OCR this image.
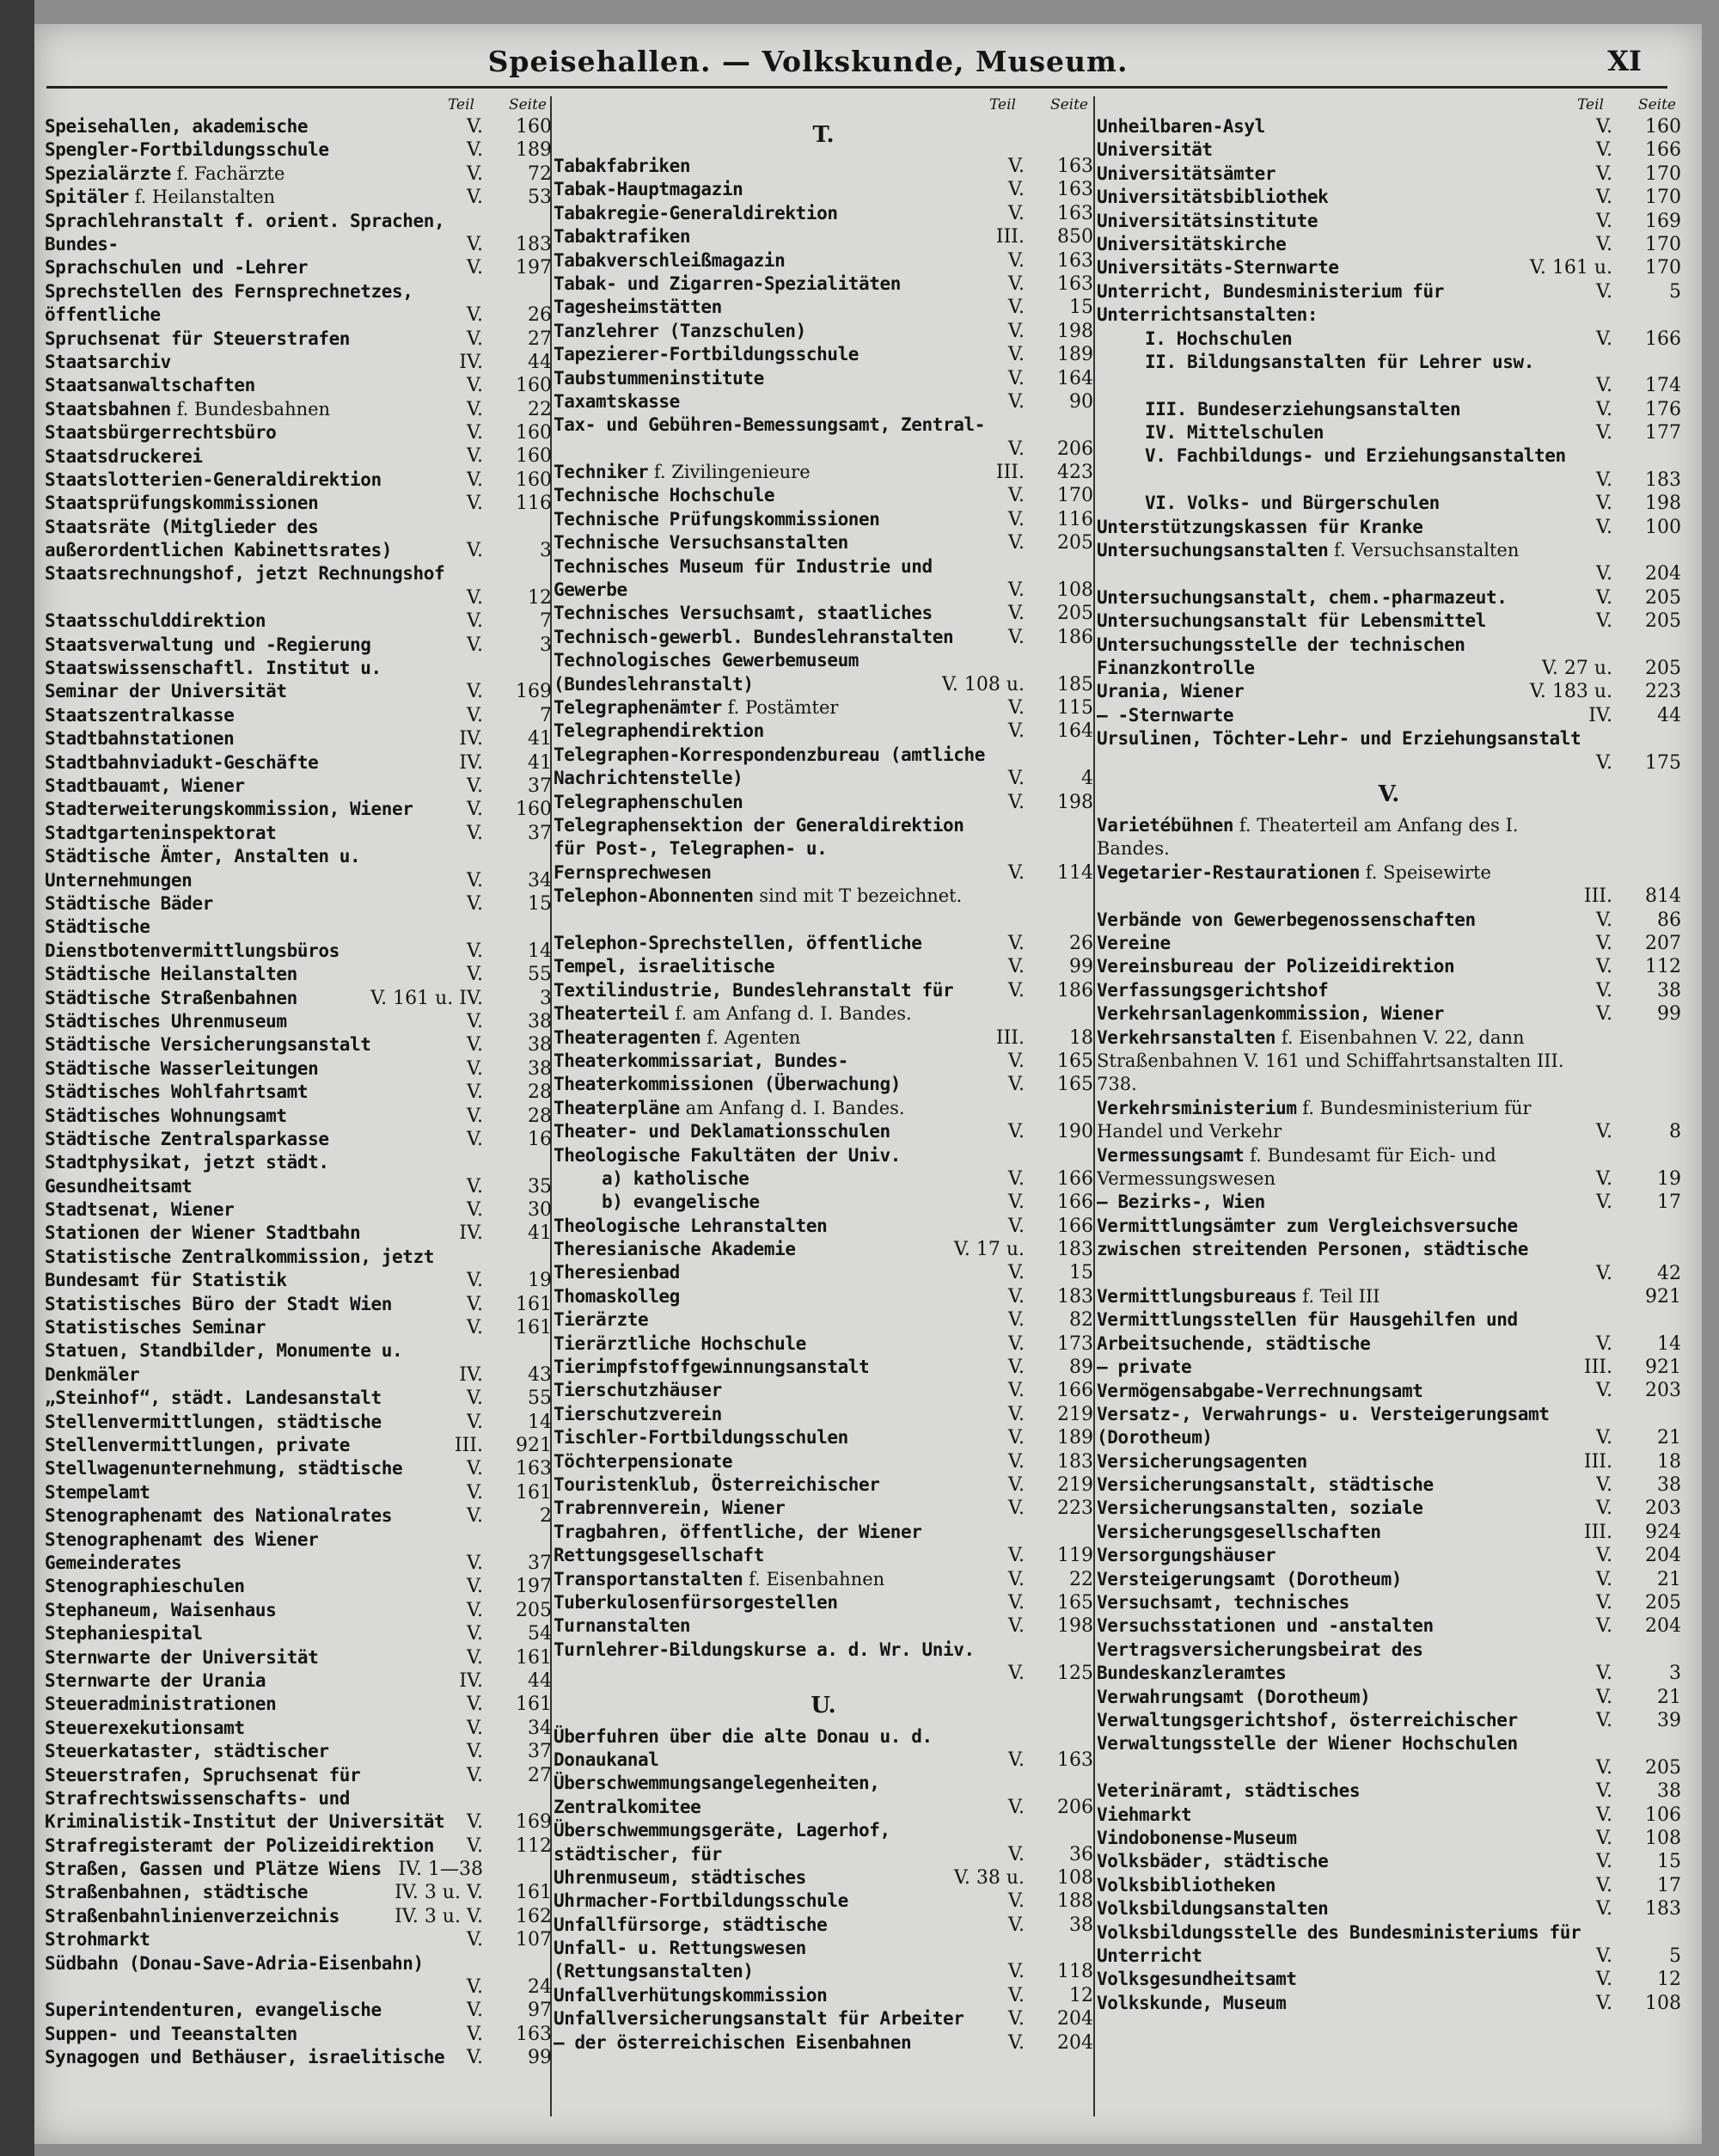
Speisehallen. — Volkskunde, Museum.	XI
Teil Seite
Speisehallen, akademische	V.	160
Spengler-Fortbildungsschule	V.	189
Spezialärzte f. Fachärzte	V.	72
Spitäler f. Heilanstalten	V.	53
Sprachlehranstalt f. orient. Sprachen, Bundes-	V.	183
Sprachschulen und -Lehrer	V.	197
Sprechstellen des Fernsprechnetzes, öffentliche	V.	26
Spruchsenat für Steuerstrafen	V.	27
Staatsarchiv	IV.	44
Staatsanwaltschaften	V.	160
Staatsbahnen f. Bundesbahnen	V.	22
Staatsbürgerrechtsbüro	V.	160
Staatsdruckerei	V.	160
Staatslotterien-Generaldirektion	V.	160
Staatsprüfungskommissionen	V.	116
Staatsräte (Mitglieder des außerordentlichen Kabinettsrates)	V.	3
Staatsrechnungshof, jetzt Rechnungshof
V.	12
Staatsschulddirektion	V.	7
Staatsverwaltung und -Regierung	V.	3
Staatswissenschaftl. Institut u. Seminar der Universität	V.	169
Staatszentralkasse	V.	7
Stadtbahnstationen	IV.	41
Stadtbahnviadukt-Geschäfte	IV.	41
Stadtbauamt, Wiener	V.	37
Stadterweiterungskommission, Wiener	V.	160
Stadtgarteninspektorat	V.	37
Städtische Ämter, Anstalten u. Unternehmungen	V.	34
Städtische Bäder	V.	15
Städtische Dienstbotenvermittlungsbüros	V.	14
Städtische Heilanstalten	V.	55
Städtische Straßenbahnen	V. 161 u. IV.	3
Städtisches Uhrenmuseum	V.	38
Städtische Versicherungsanstalt	V.	38
Städtische Wasserleitungen	V.	38
Städtisches Wohlfahrtsamt	V.	28
Städtisches Wohnungsamt	V.	28
Städtische Zentralsparkasse	V.	16
Stadtphysikat, jetzt städt. Gesundheitsamt	V.	35
Stadtsenat, Wiener	V.	30
Stationen der Wiener Stadtbahn	IV.	41
Statistische Zentralkommission, jetzt Bundesamt für Statistik	V.	19
Statistisches Büro der Stadt Wien	V.	161
Statistisches Seminar	V.	161
Statuen, Standbilder, Monumente u. Denkmäler	IV.	43
„Steinhof“, städt. Landesanstalt	V.	55
Stellenvermittlungen, städtische	V.	14
Stellenvermittlungen, private	III.	921
Stellwagenunternehmung, städtische	V.	163
Stempelamt	V.	161
Stenographenamt des Nationalrates	V.	2
Stenographenamt des Wiener Gemeinderates	V.	37
Stenographieschulen	V.	197
Stephaneum, Waisenhaus	V.	205
Stephaniespital	V.	54
Sternwarte der Universität	V.	161
Sternwarte der Urania	IV.	44
Steueradministrationen	V.	161
Steuerexekutionsamt	V.	34
Steuerkataster, städtischer	V.	37
Steuerstrafen, Spruchsenat für	V.	27
Strafrechtswissenschafts- und Kriminalistik-Institut der Universität	V.	169
Strafregisteramt der Polizeidirektion	V.	112
Straßen, Gassen und Plätze Wiens IV. 1—38
Straßenbahnen, städtische	IV. 3 u. V.	161
Straßenbahnlinienverzeichnis	IV. 3 u. V.	162
Strohmarkt	V.	107
Südbahn (Donau-Save-Adria-Eisenbahn)
V.	24
Superintendenturen, evangelische	V.	97
Suppen- und Teeanstalten	V.	163
Synagogen und Bethäuser, israelitische	V.	99
Teil Seite
T.
Tabakfabriken	V.	163
Tabak-Hauptmagazin	V.	163
Tabakregie-Generaldirektion	V.	163
Tabaktrafiken	III.	850
Tabakverschleißmagazin	V.	163
Tabak- und Zigarren-Spezialitäten	V.	163
Tagesheimstätten	V.	15
Tanzlehrer (Tanzschulen)	V.	198
Tapezierer-Fortbildungsschule	V.	189
Taubstummeninstitute	V.	164
Taxamtskasse	V.	90
Tax- und Gebühren-Bemessungsamt, Zentral-
V.	206
Techniker f. Zivilingenieure	III.	423
Technische Hochschule	V.	170
Technische Prüfungskommissionen	V.	116
Technische Versuchsanstalten	V.	205
Technisches Museum für Industrie und Gewerbe	V.	108
Technisches Versuchsamt, staatliches	V.	205
Technisch-gewerbl. Bundeslehranstalten	V.	186
Technologisches Gewerbemuseum (Bundeslehranstalt)	V. 108 u.	185
Telegraphenämter f. Postämter	V.	115
Telegraphendirektion	V.	164
Telegraphen-Korrespondenzbureau (amtliche Nachrichtenstelle)	V.	4
Telegraphenschulen	V.	198
Telegraphensektion der Generaldirektion für Post-, Telegraphen- u. Fernsprechwesen	V.	114
Telephon-Abonnenten sind mit T bezeichnet.
Telephon-Sprechstellen, öffentliche	V.	26
Tempel, israelitische	V.	99
Textilindustrie, Bundeslehranstalt für	V.	186
Theaterteil f. am Anfang d. I. Bandes.
Theateragenten f. Agenten	III.	18
Theaterkommissariat, Bundes-	V.	165
Theaterkommissionen (Überwachung)	V.	165
Theaterpläne am Anfang d. I. Bandes.
Theater- und Deklamationsschulen	V.	190
Theologische Fakultäten der Univ.
a) katholische	V.	166
b) evangelische	V.	166
Theologische Lehranstalten	V.	166
Theresianische Akademie	V. 17 u.	183
Theresienbad	V.	15
Thomaskolleg	V.	183
Tierärzte	V.	82
Tierärztliche Hochschule	V.	173
Tierimpfstoffgewinnungsanstalt	V.	89
Tierschutzhäuser	V.	166
Tierschutzverein	V.	219
Tischler-Fortbildungsschulen	V.	189
Töchterpensionate	V.	183
Touristenklub, Österreichischer	V.	219
Trabrennverein, Wiener	V.	223
Tragbahren, öffentliche, der Wiener Rettungsgesellschaft	V.	119
Transportanstalten f. Eisenbahnen	V.	22
Tuberkulosenfürsorgestellen	V.	165
Turnanstalten	V.	198
Turnlehrer-Bildungskurse a. d. Wr. Univ.
V.	125
U.
Überfuhren über die alte Donau u. d. Donaukanal	V.	163
Überschwemmungsangelegenheiten, Zentralkomitee	V.	206
Überschwemmungsgeräte, Lagerhof, städtischer, für	V.	36
Uhrenmuseum, städtisches	V. 38 u.	108
Uhrmacher-Fortbildungsschule	V.	188
Unfallfürsorge, städtische	V.	38
Unfall- u. Rettungswesen (Rettungsanstalten)	V.	118
Unfallverhütungskommission	V.	12
Unfallversicherungsanstalt für Arbeiter	V.	204
— der österreichischen Eisenbahnen	V.	204
Teil Seite
Unheilbaren-Asyl	V.	160
Universität	V.	166
Universitätsämter	V.	170
Universitätsbibliothek	V.	170
Universitätsinstitute	V.	169
Universitätskirche	V.	170
Universitäts-Sternwarte	V. 161 u.	170
Unterricht, Bundesministerium für	V.	5
Unterrichtsanstalten:
I. Hochschulen	V.	166
II. Bildungsanstalten für Lehrer usw.
V.	174
III. Bundeserziehungsanstalten	V.	176
IV. Mittelschulen	V.	177
V. Fachbildungs- und Erziehungsanstalten
V.	183
VI. Volks- und Bürgerschulen	V.	198
Unterstützungskassen für Kranke	V.	100
Untersuchungsanstalten f. Versuchsanstalten
V.	204
Untersuchungsanstalt, chem.-pharmazeut.	V.	205
Untersuchungsanstalt für Lebensmittel	V.	205
Untersuchungsstelle der technischen Finanzkontrolle	V. 27 u.	205
Urania, Wiener	V. 183 u.	223
— -Sternwarte	IV.	44
Ursulinen, Töchter-Lehr- und Erziehungsanstalt
V.	175
V.
Varietébühnen f. Theaterteil am Anfang des I. Bandes.
Vegetarier-Restaurationen f. Speisewirte
III.	814
Verbände von Gewerbegenossenschaften	V.	86
Vereine	V.	207
Vereinsbureau der Polizeidirektion	V.	112
Verfassungsgerichtshof	V.	38
Verkehrsanlagenkommission, Wiener	V.	99
Verkehrsanstalten f. Eisenbahnen V. 22, dann Straßenbahnen V. 161 und Schiffahrtsanstalten III. 738.
Verkehrsministerium f. Bundesministerium für Handel und Verkehr	V.	8
Vermessungsamt f. Bundesamt für Eich- und Vermessungswesen	V.	19
— Bezirks-, Wien	V.	17
Vermittlungsämter zum Vergleichsversuche zwischen streitenden Personen, städtische
V.	42
Vermittlungsbureaus f. Teil III	921
Vermittlungsstellen für Hausgehilfen und Arbeitsuchende, städtische	V.	14
— private	III.	921
Vermögensabgabe-Verrechnungsamt	V.	203
Versatz-, Verwahrungs- u. Versteigerungsamt (Dorotheum)	V.	21
Versicherungsagenten	III.	18
Versicherungsanstalt, städtische	V.	38
Versicherungsanstalten, soziale	V.	203
Versicherungsgesellschaften	III.	924
Versorgungshäuser	V.	204
Versteigerungsamt (Dorotheum)	V.	21
Versuchsamt, technisches	V.	205
Versuchsstationen und -anstalten	V.	204
Vertragsversicherungsbeirat des Bundeskanzleramtes	V.	3
Verwahrungsamt (Dorotheum)	V.	21
Verwaltungsgerichtshof, österreichischer	V.	39
Verwaltungsstelle der Wiener Hochschulen
V.	205
Veterinäramt, städtisches	V.	38
Viehmarkt	V.	106
Vindobonense-Museum	V.	108
Volksbäder, städtische	V.	15
Volksbibliotheken	V.	17
Volksbildungsanstalten	V.	183
Volksbildungsstelle des Bundesministeriums für Unterricht	V.	5
Volksgesundheitsamt	V.	12
Volkskunde, Museum	V.	108
